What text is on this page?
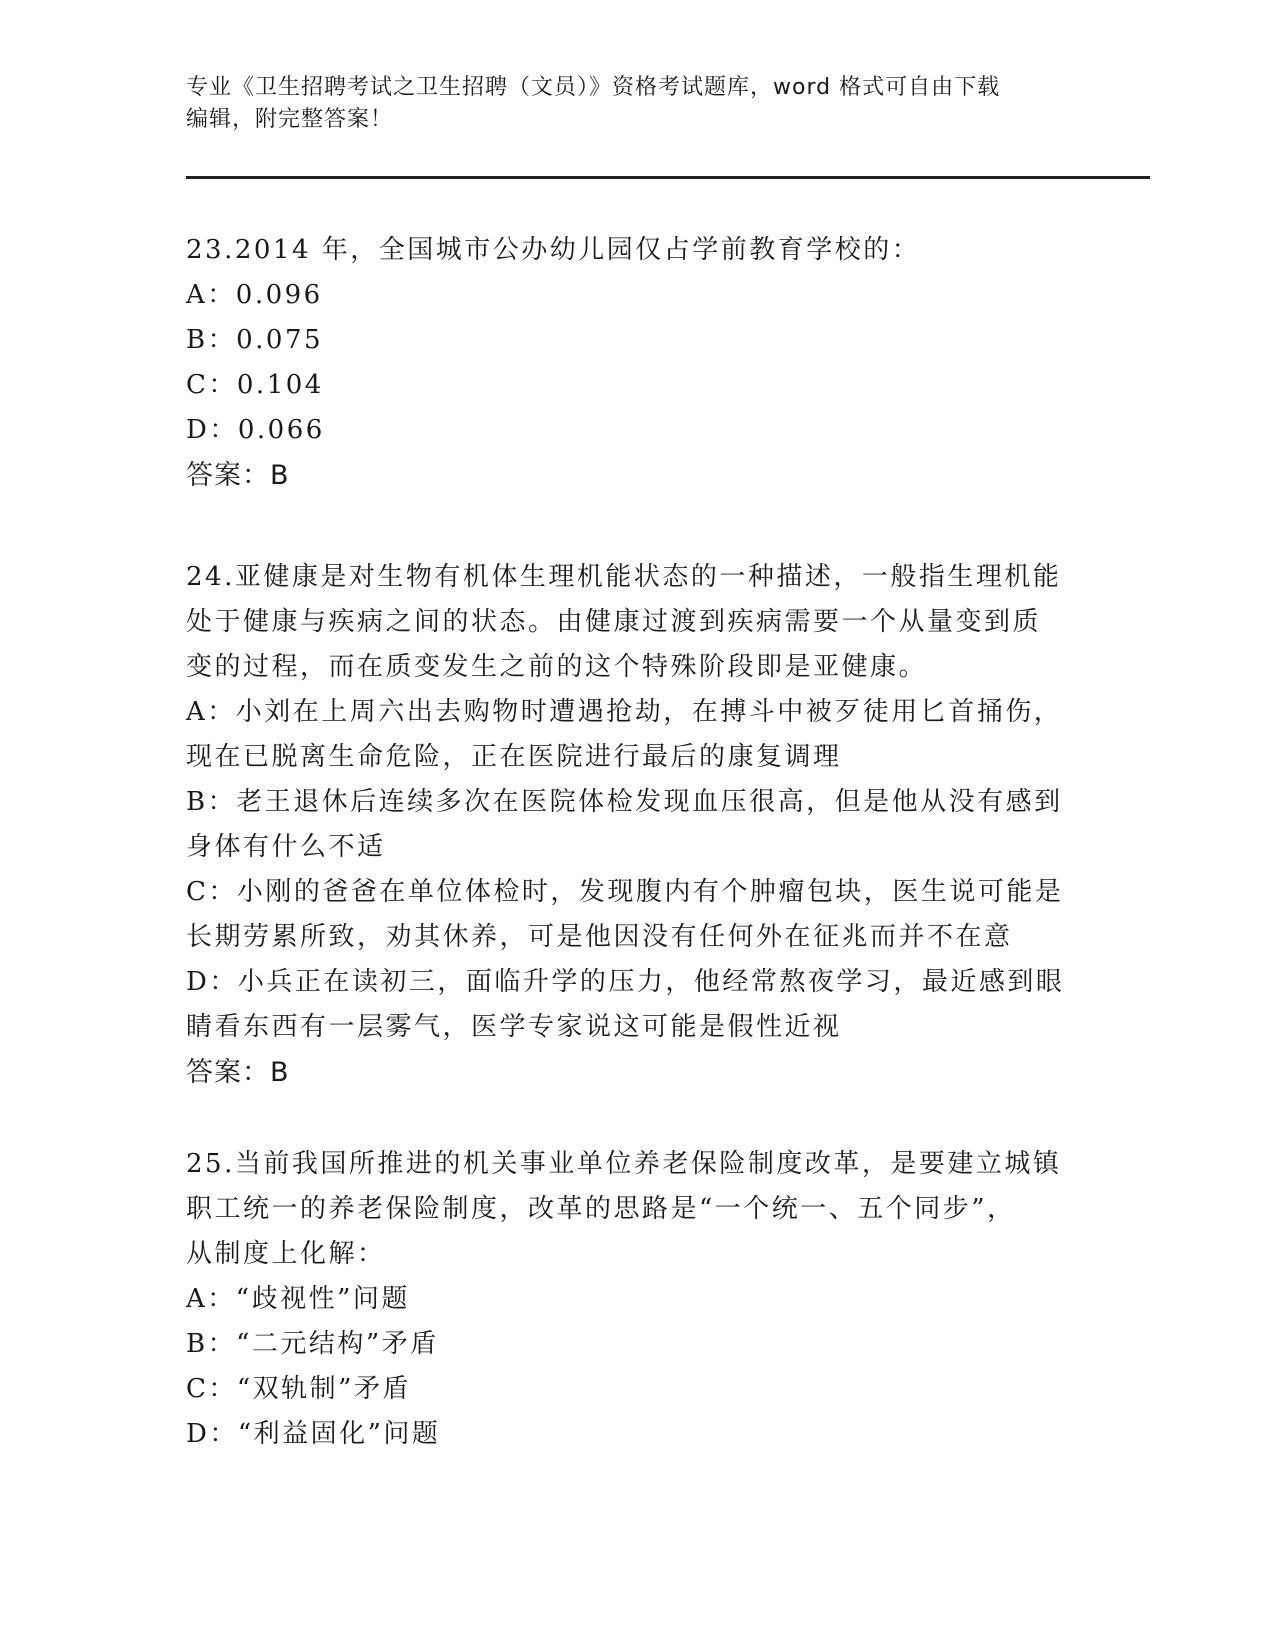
专业《卫生招聘考试之卫生招聘（文员）》资格考试题库，word 格式可自由下载
编辑，附完整答案！
23.2014 年，全国城市公办幼儿园仅占学前教育学校的：
A：0.096
B：0.075
C：0.104
D：0.066
答案：B
24.亚健康是对生物有机体生理机能状态的一种描述，一般指生理机能
处于健康与疾病之间的状态。由健康过渡到疾病需要一个从量变到质
变的过程，而在质变发生之前的这个特殊阶段即是亚健康。
A：小刘在上周六出去购物时遭遇抢劫，在搏斗中被歹徒用匕首捅伤，
现在已脱离生命危险，正在医院进行最后的康复调理
B：老王退休后连续多次在医院体检发现血压很高，但是他从没有感到
身体有什么不适
C：小刚的爸爸在单位体检时，发现腹内有个肿瘤包块，医生说可能是
长期劳累所致，劝其休养，可是他因没有任何外在征兆而并不在意
D：小兵正在读初三，面临升学的压力，他经常熬夜学习，最近感到眼
睛看东西有一层雾气，医学专家说这可能是假性近视
答案：B
25.当前我国所推进的机关事业单位养老保险制度改革，是要建立城镇
职工统一的养老保险制度，改革的思路是“一个统一、五个同步”，
从制度上化解：
A：“歧视性”问题
B：“二元结构”矛盾
C：“双轨制”矛盾
D：“利益固化”问题
